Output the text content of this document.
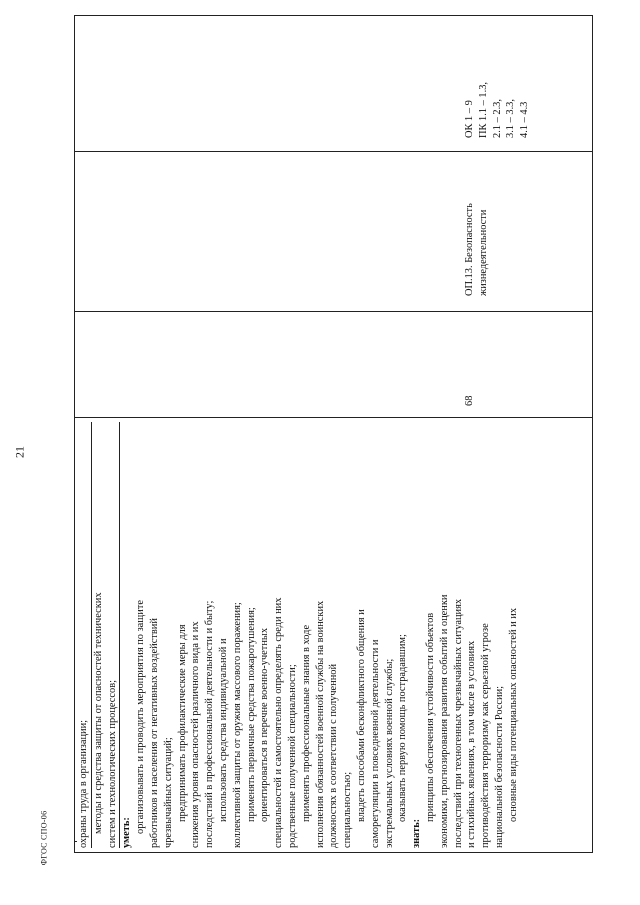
21
ФГОС СПО-06	охраны труда в организации; методы и средства защиты от опасностей технических систем и технологических процессов; уметь: организовывать и проводить мероприятия по защите работников и населения от негативных воздействий чрезвычайных ситуаций; предпринимать профилактические меры для снижения уровня опасностей различного вида и их последствий в профессиональной деятельности и быту; использовать средства индивидуальной и коллективной защиты от оружия массового поражения; применять первичные средства пожаротушения; ориентироваться в перечне военно-учетных специальностей и самостоятельно определять среди них родственные полученной специальности; применять профессиональные знания в ходе исполнения обязанностей военной службы на воинских должностях в соответствии с полученной специальностью; владеть способами бесконфликтного общения и саморегуляции в повседневной деятельности и экстремальных условиях военной службы; оказывать первую помощь пострадавшим;
знать:
принципы обеспечения устойчивости объектов экономики, прогнозирования развития событий и оценки последствий при техногенных чрезвычайных ситуациях и стихийных явлениях, в том числе в условиях противодействия терроризму как серьезной угрозе национальной безопасности России; основные виды потенциальных опасностей и их
68
ОП.13. Безопасность жизнедеятельности
ОК 1 – 9 ПК 1.1 – 1.3, 2.1 – 2.3, 3.1 – 3.3, 4.1 – 4.3
